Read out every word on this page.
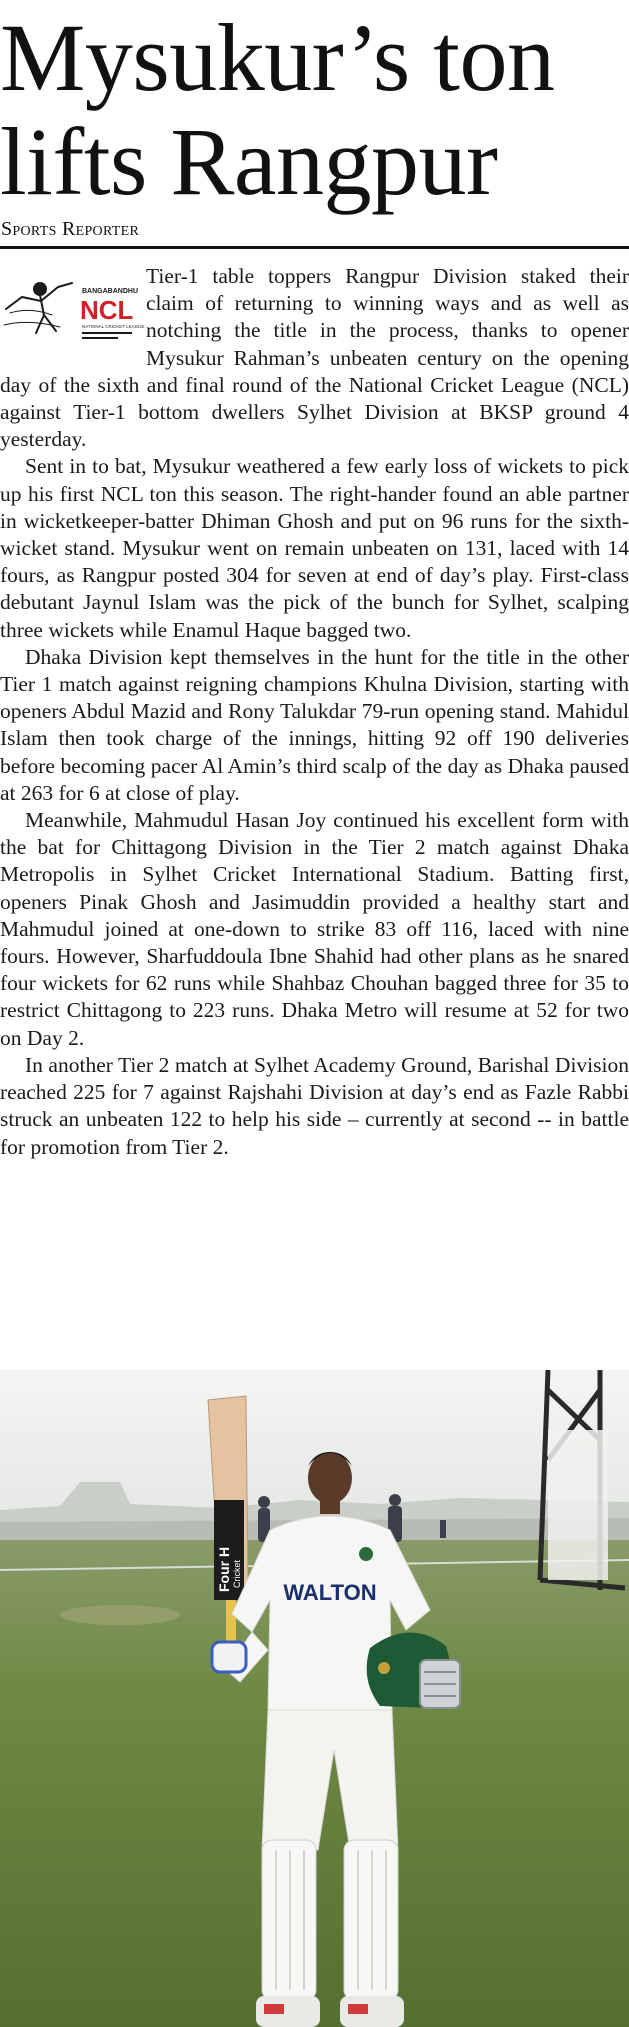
Mysukur’s ton lifts Rangpur
Sports Reporter
BANGABANDHU
NCL
NATIONAL CRICKET LEAGUE

Tier-1 table toppers Rangpur Division staked their claim of returning to winning ways and as well as notching the title in the process, thanks to opener Mysukur Rahman’s unbeaten century on the opening day of the sixth and final round of the National Cricket League (NCL) against Tier-1 bottom dwellers Sylhet Division at BKSP ground 4 yesterday.

Sent in to bat, Mysukur weathered a few early loss of wickets to pick up his first NCL ton this season. The right-hander found an able partner in wicketkeeper-batter Dhiman Ghosh and put on 96 runs for the sixth-wicket stand. Mysukur went on remain unbeaten on 131, laced with 14 fours, as Rangpur posted 304 for seven at end of day’s play. First-class debutant Jaynul Islam was the pick of the bunch for Sylhet, scalping three wickets while Enamul Haque bagged two.

Dhaka Division kept themselves in the hunt for the title in the other Tier 1 match against reigning champions Khulna Division, starting with openers Abdul Mazid and Rony Talukdar 79-run opening stand. Mahidul Islam then took charge of the innings, hitting 92 off 190 deliveries before becoming pacer Al Amin’s third scalp of the day as Dhaka paused at 263 for 6 at close of play.

Meanwhile, Mahmudul Hasan Joy continued his excellent form with the bat for Chittagong Division in the Tier 2 match against Dhaka Metropolis in Sylhet Cricket International Stadium. Batting first, openers Pinak Ghosh and Jasimuddin provided a healthy start and Mahmudul joined at one-down to strike 83 off 116, laced with nine fours. However, Sharfuddoula Ibne Shahid had other plans as he snared four wickets for 62 runs while Shahbaz Chouhan bagged three for 35 to restrict Chittagong to 223 runs. Dhaka Metro will resume at 52 for two on Day 2.

In another Tier 2 match at Sylhet Academy Ground, Barishal Division reached 225 for 7 against Rajshahi Division at day’s end as Fazle Rabbi struck an unbeaten 122 to help his side – currently at second -- in battle for promotion from Tier 2.

Four H Cricket
WALTON
